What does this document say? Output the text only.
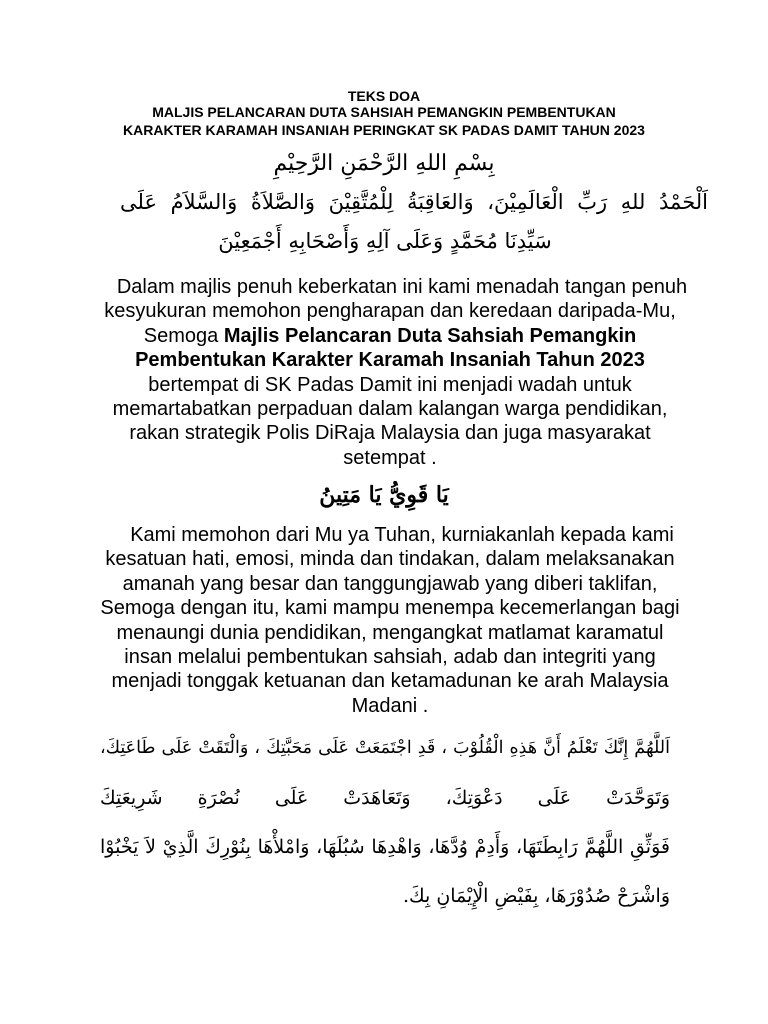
TEKS DOA
MALJIS PELANCARAN DUTA SAHSIAH PEMANGKIN PEMBENTUKAN
KARAKTER KARAMAH INSANIAH PERINGKAT SK PADAS DAMIT TAHUN 2023
بِسْمِ اللهِ الرَّحْمَنِ الرَّحِيْمِ
اَلْحَمْدُ للهِ رَبِّ الْعَالَمِيْنَ، وَالعَاقِبَةُ لِلْمُتَّقِيْنَ وَالصَّلاَةُ وَالسَّلاَمُ عَلَى
سَيِّدِنَا مُحَمَّدٍ وَعَلَى آلِهِ وَأَصْحَابِهِ أَجْمَعِيْنَ
Dalam majlis penuh keberkatan ini kami menadah tangan penuh kesyukuran memohon pengharapan dan keredaan daripada-Mu, Semoga Majlis Pelancaran Duta Sahsiah Pemangkin Pembentukan Karakter Karamah Insaniah Tahun 2023 bertempat di SK Padas Damit ini menjadi wadah untuk memartabatkan perpaduan dalam kalangan warga pendidikan, rakan strategik Polis DiRaja Malaysia dan juga masyarakat setempat .
يَا قَوِيُّ يَا مَتِينُ
Kami memohon dari Mu ya Tuhan, kurniakanlah kepada kami kesatuan hati, emosi, minda dan tindakan, dalam melaksanakan amanah yang besar dan tanggungjawab yang diberi taklifan, Semoga dengan itu, kami mampu menempa kecemerlangan bagi menaungi dunia pendidikan, mengangkat matlamat karamatul insan melalui pembentukan sahsiah, adab dan integriti yang menjadi tonggak ketuanan dan ketamadunan ke arah Malaysia Madani .
اَللَّهُمَّ إِنَّكَ تَعْلَمُ أَنَّ هَذِهِ الْقُلُوْبَ ، قَدِ اجْتَمَعَتْ عَلَى مَحَبَّتِكَ ، وَالْتَقَتْ عَلَى طَاعَتِكَ،
وَتَوَحَّدَتْ عَلَى دَعْوَتِكَ، وَتَعَاهَدَتْ عَلَى نُصْرَةِ شَرِيعَتِكَ
فَوَثِّقِ اللَّهُمَّ رَابِطَتَهَا، وَأَدِمْ وُدَّهَا، وَاهْدِهَا سُبُلَهَا، وَامْلأْهَا بِنُوْرِكَ الَّذِيْ لاَ يَخْبُوْا
وَاشْرَحْ صُدُوْرَهَا، بِفَيْضِ الْإِيْمَانِ بِكَ.
